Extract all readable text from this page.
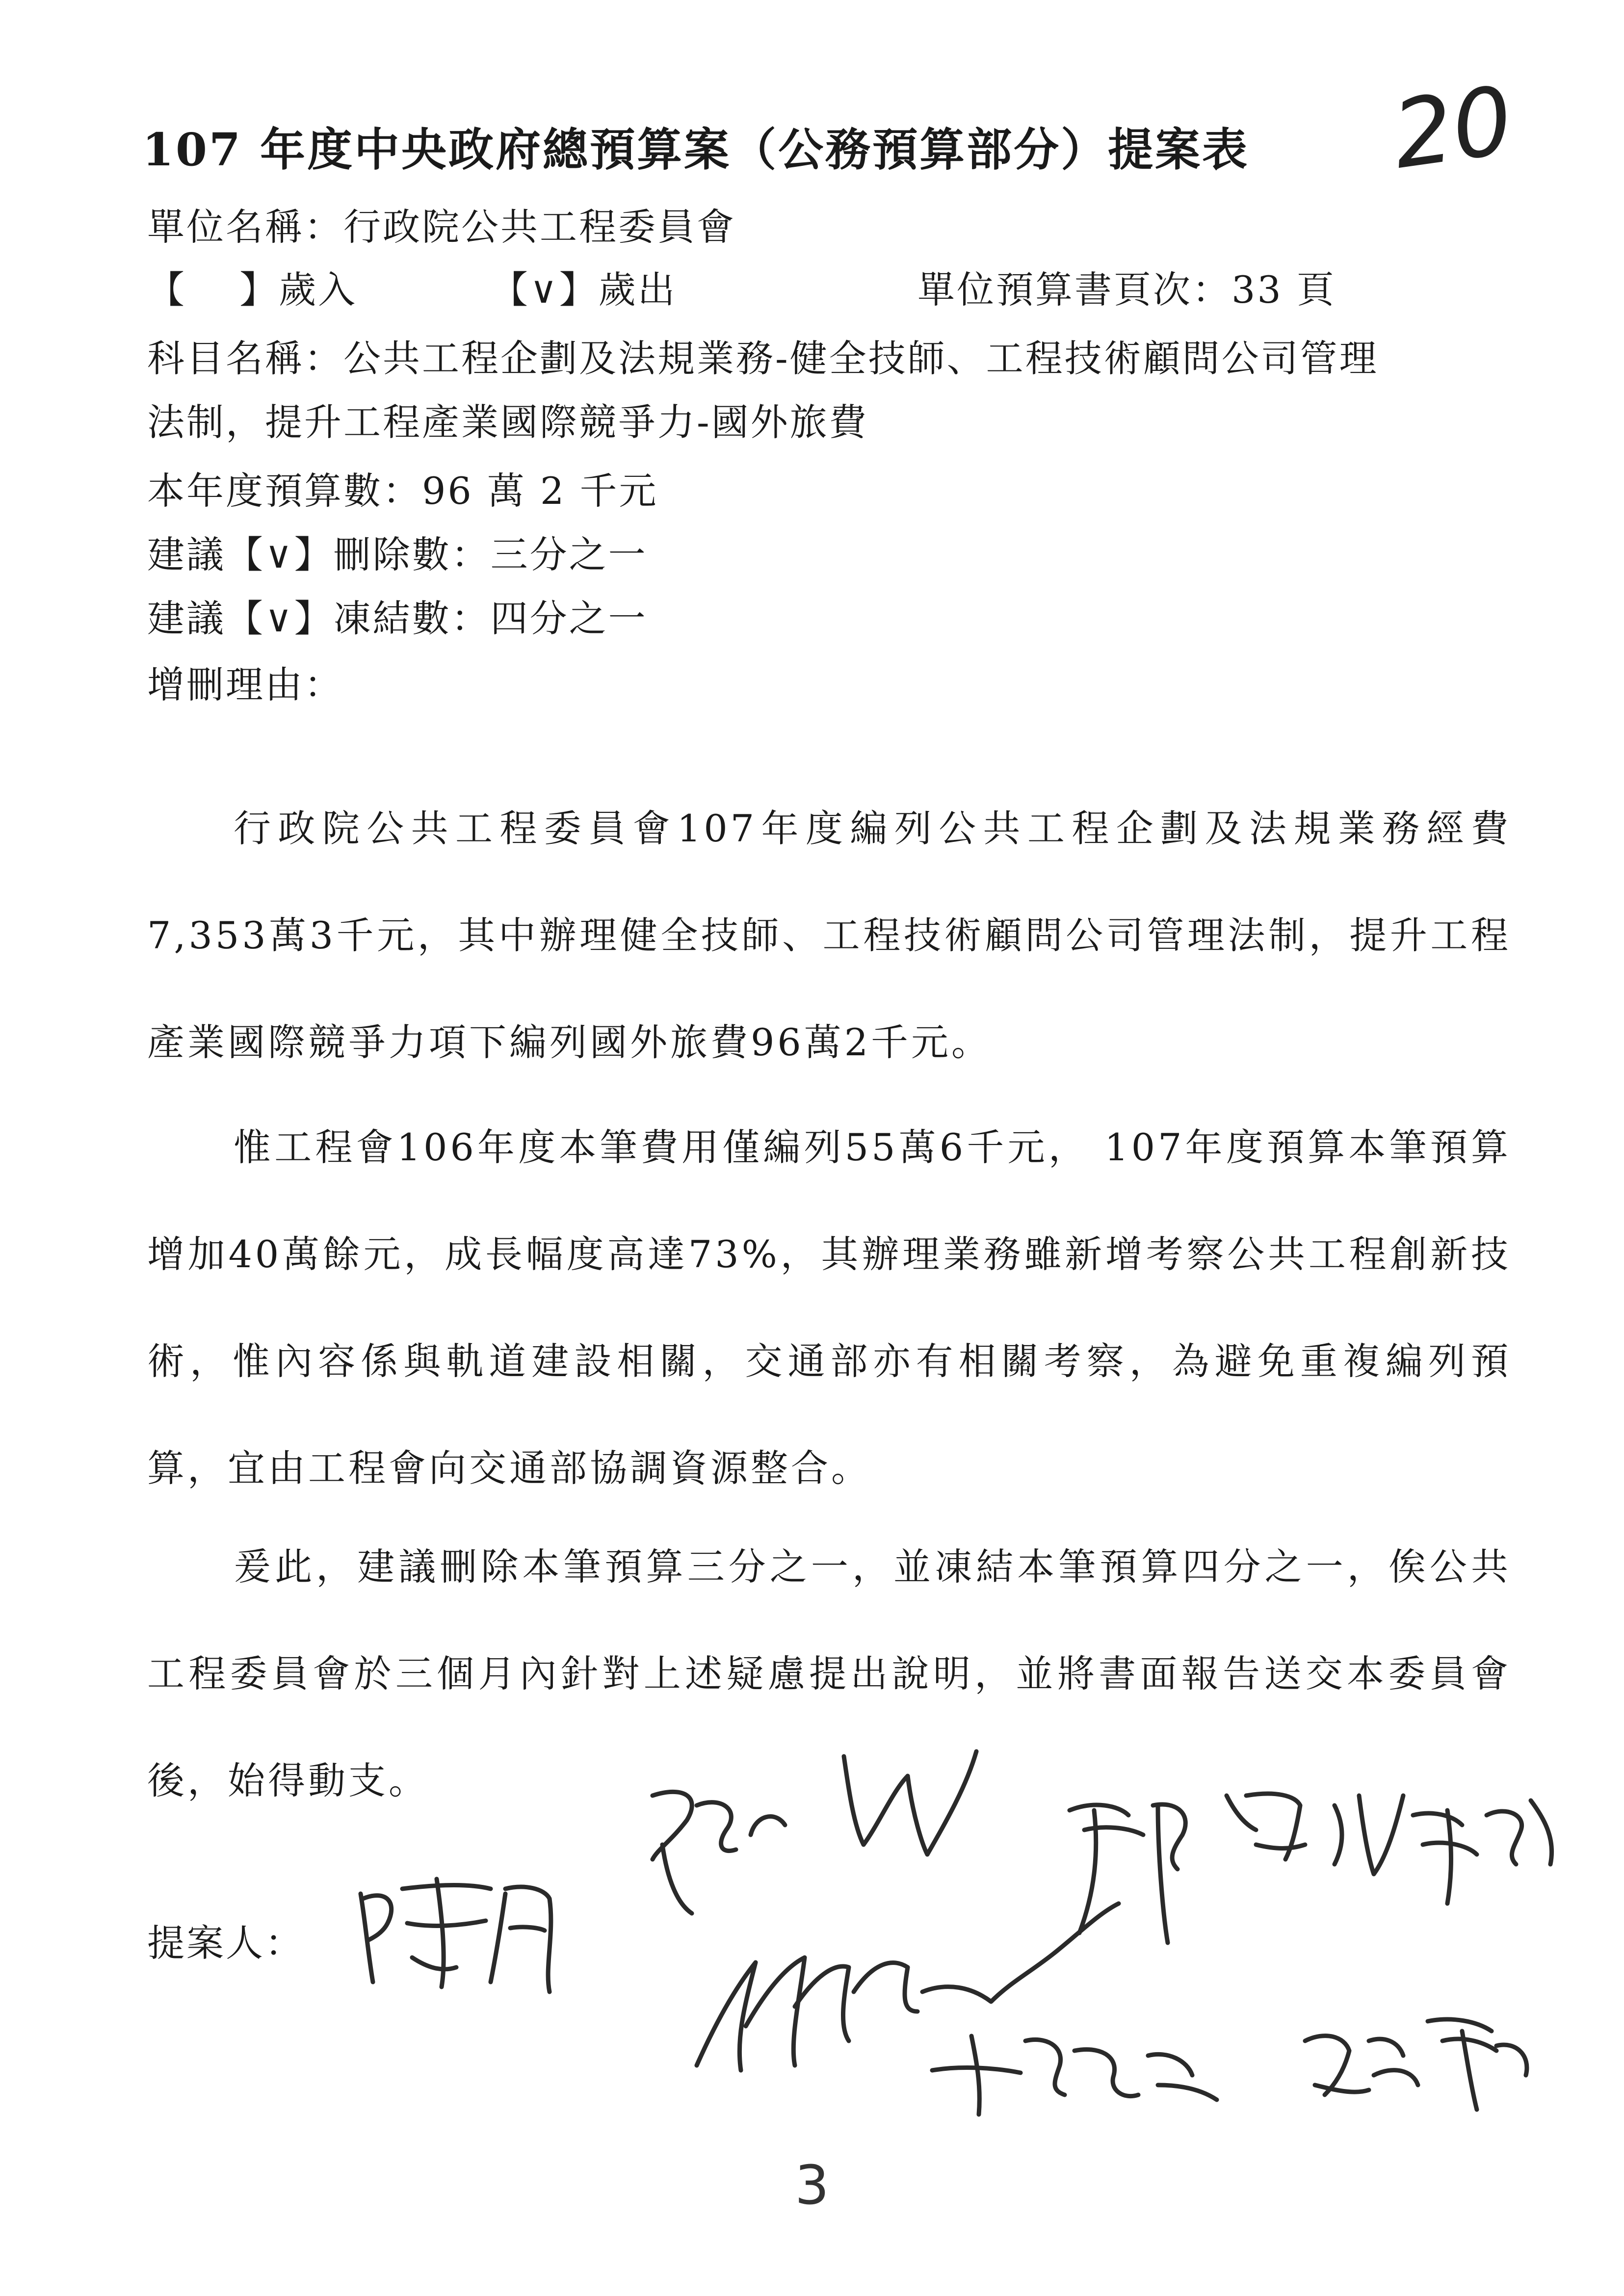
107 年度中央政府總預算案（公務預算部分）提案表 20
單位名稱：行政院公共工程委員會
【　 】歲入	【∨】歲出	單位預算書頁次：33 頁
科目名稱：公共工程企劃及法規業務-健全技師、工程技術顧問公司管理
法制，提升工程產業國際競爭力-國外旅費
本年度預算數：96 萬 2 千元
建議【∨】刪除數：三分之一
建議【∨】凍結數：四分之一
增刪理由：
行政院公共工程委員會107年度編列公共工程企劃及法規業務經費7,353萬3千元，其中辦理健全技師、工程技術顧問公司管理法制，提升工程產業國際競爭力項下編列國外旅費96萬2千元。
惟工程會106年度本筆費用僅編列55萬6千元， 107年度預算本筆預算增加40萬餘元，成長幅度高達73%，其辦理業務雖新增考察公共工程創新技術，惟內容係與軌道建設相關，交通部亦有相關考察，為避免重複編列預算，宜由工程會向交通部協調資源整合。
爰此，建議刪除本筆預算三分之一，並凍結本筆預算四分之一，俟公共工程委員會於三個月內針對上述疑慮提出說明，並將書面報告送交本委員會後，始得動支。
提案人：
3
